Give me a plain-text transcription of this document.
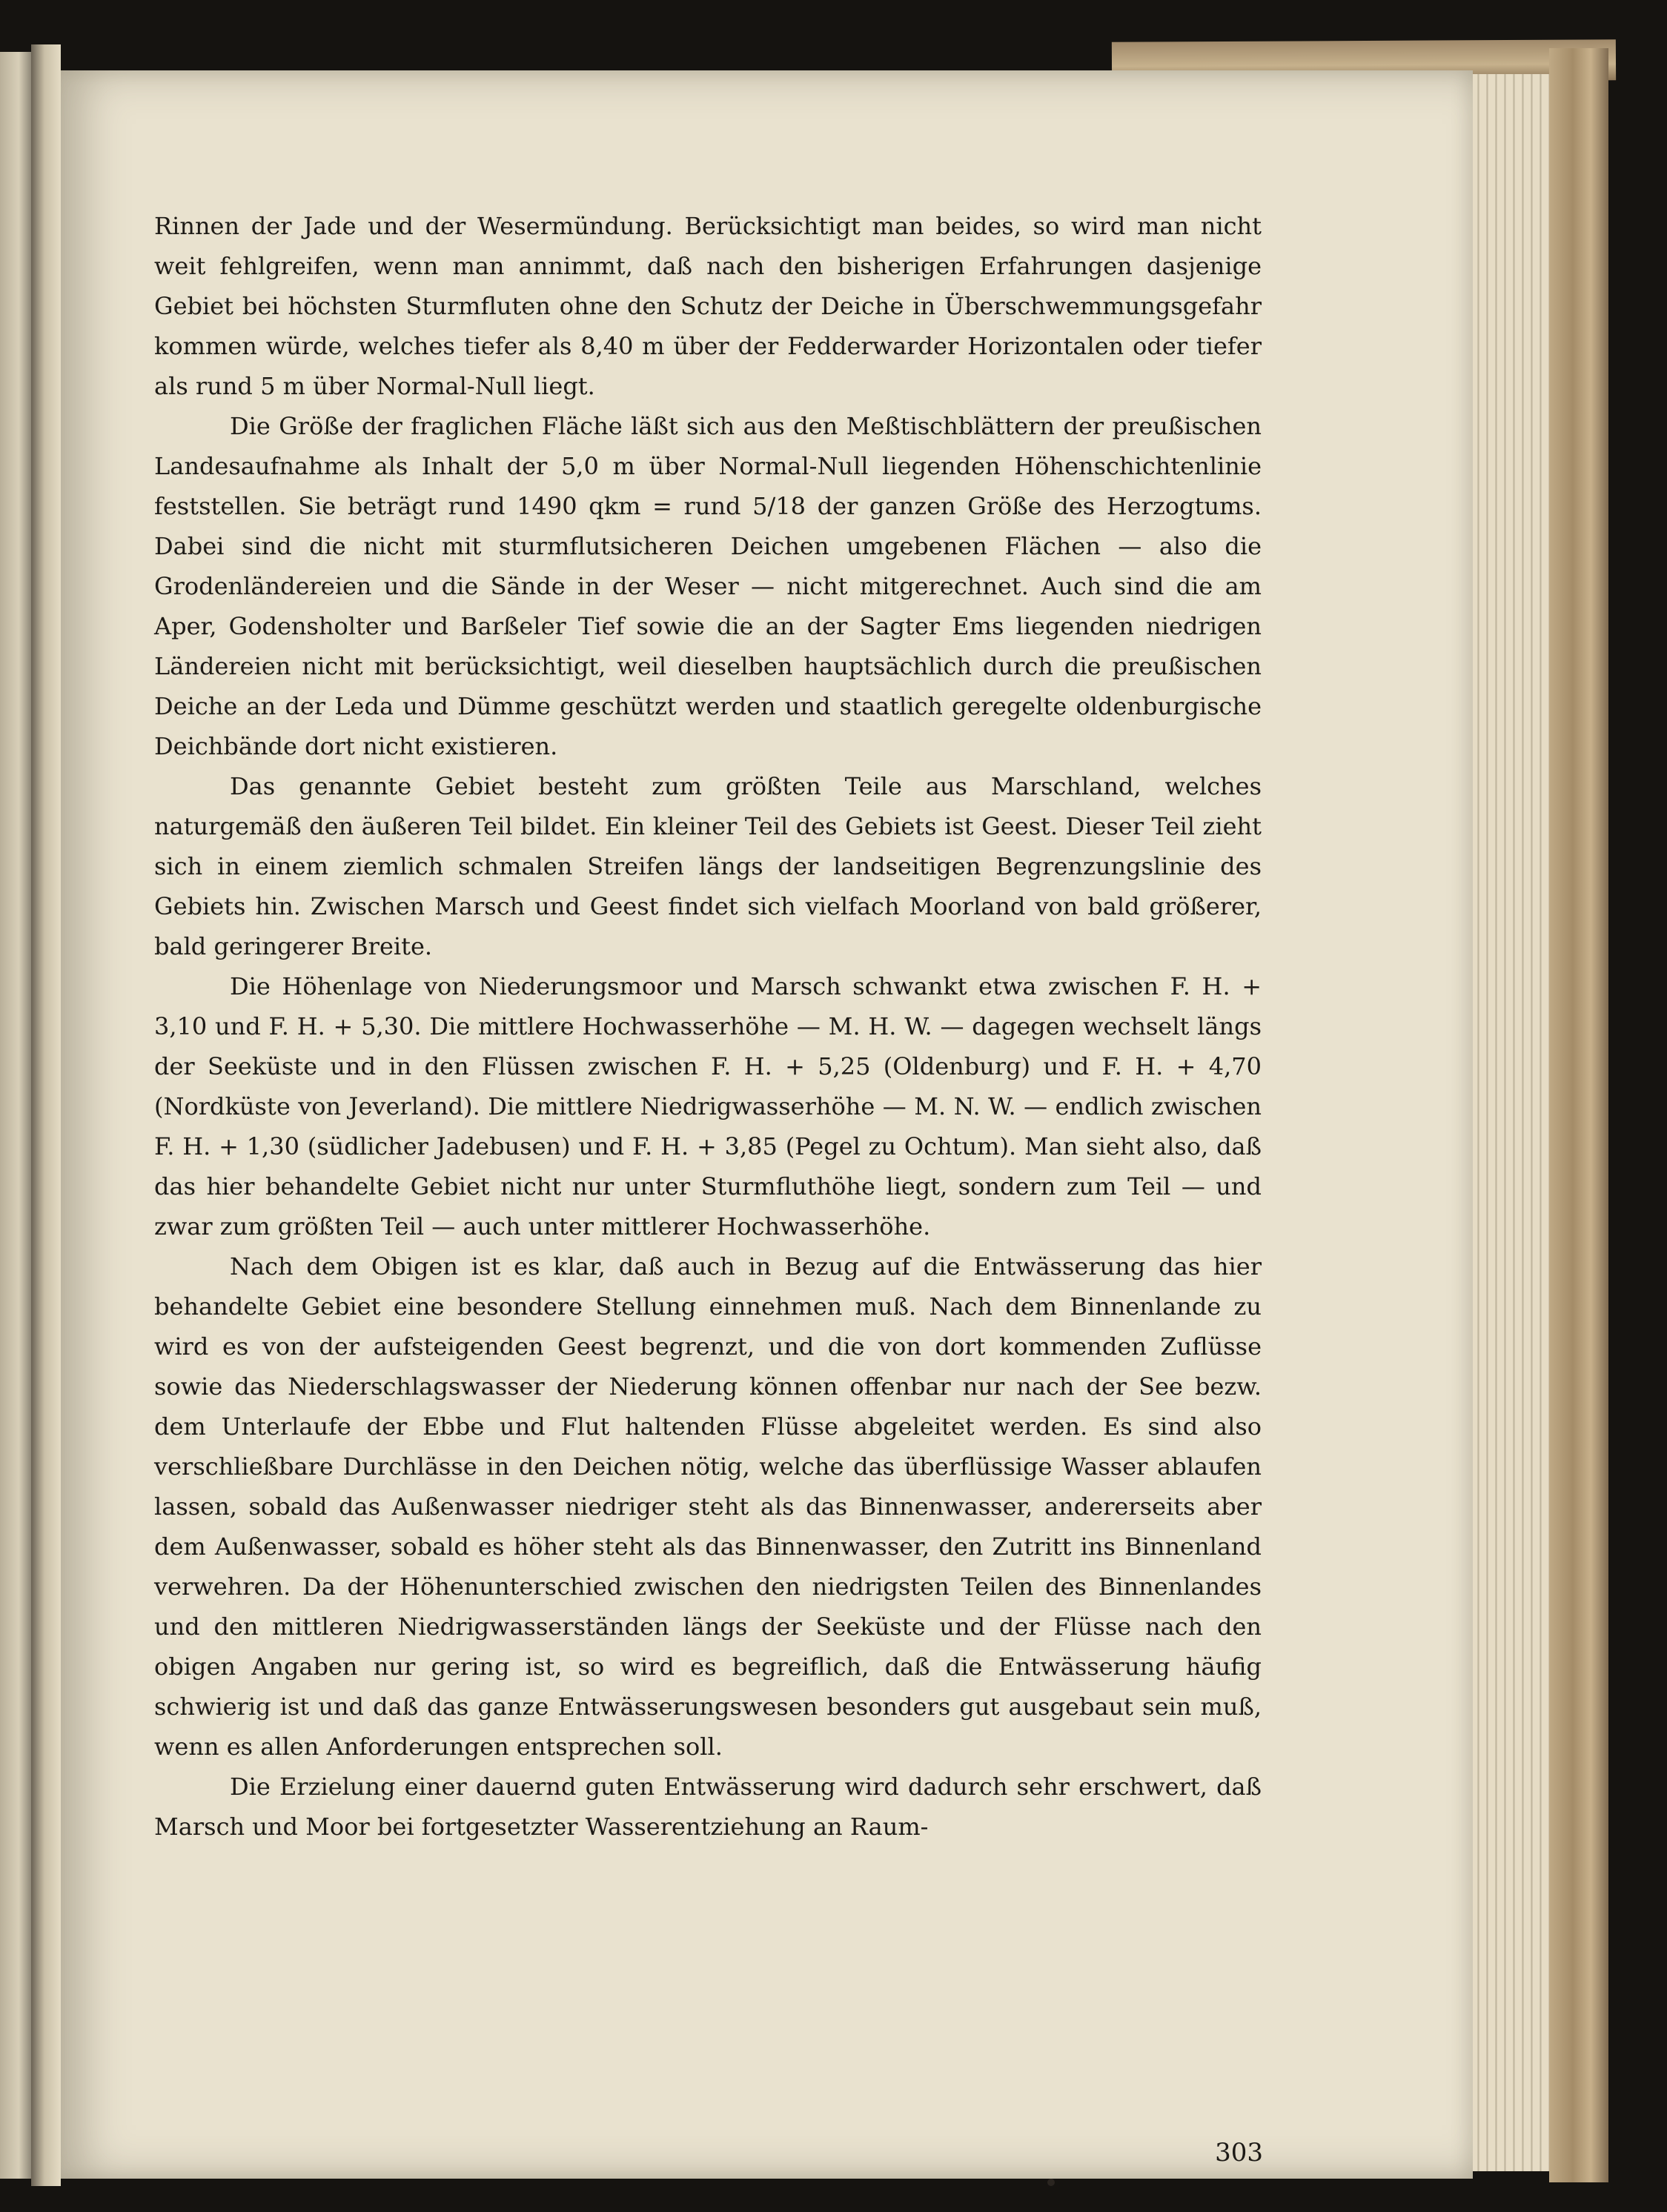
Rinnen der Jade und der Wesermündung. Berücksichtigt man beides, so wird man nicht weit fehlgreifen, wenn man annimmt, daß nach den bisherigen Erfahrungen dasjenige Gebiet bei höchsten Sturmfluten ohne den Schutz der Deiche in Überschwemmungsgefahr kommen würde, welches tiefer als 8,40 m über der Fedderwarder Horizontalen oder tiefer als rund 5 m über Normal-Null liegt.

Die Größe der fraglichen Fläche läßt sich aus den Meßtischblättern der preußischen Landesaufnahme als Inhalt der 5,0 m über Normal-Null liegenden Höhenschichtenlinie feststellen. Sie beträgt rund 1490 qkm = rund 5/18 der ganzen Größe des Herzogtums. Dabei sind die nicht mit sturmflutsicheren Deichen umgebenen Flächen — also die Grodenländereien und die Sände in der Weser — nicht mitgerechnet. Auch sind die am Aper, Godensholter und Barßeler Tief sowie die an der Sagter Ems liegenden niedrigen Ländereien nicht mit berücksichtigt, weil dieselben hauptsächlich durch die preußischen Deiche an der Leda und Dümme geschützt werden und staatlich geregelte oldenburgische Deichbände dort nicht existieren.

Das genannte Gebiet besteht zum größten Teile aus Marschland, welches naturgemäß den äußeren Teil bildet. Ein kleiner Teil des Gebiets ist Geest. Dieser Teil zieht sich in einem ziemlich schmalen Streifen längs der landseitigen Begrenzungslinie des Gebiets hin. Zwischen Marsch und Geest findet sich vielfach Moorland von bald größerer, bald geringerer Breite.

Die Höhenlage von Niederungsmoor und Marsch schwankt etwa zwischen F. H. + 3,10 und F. H. + 5,30. Die mittlere Hochwasserhöhe — M. H. W. — dagegen wechselt längs der Seeküste und in den Flüssen zwischen F. H. + 5,25 (Oldenburg) und F. H. + 4,70 (Nordküste von Jeverland). Die mittlere Niedrigwasserhöhe — M. N. W. — endlich zwischen F. H. + 1,30 (südlicher Jadebusen) und F. H. + 3,85 (Pegel zu Ochtum). Man sieht also, daß das hier behandelte Gebiet nicht nur unter Sturmfluthöhe liegt, sondern zum Teil — und zwar zum größten Teil — auch unter mittlerer Hochwasserhöhe.

Nach dem Obigen ist es klar, daß auch in Bezug auf die Entwässerung das hier behandelte Gebiet eine besondere Stellung einnehmen muß. Nach dem Binnenlande zu wird es von der aufsteigenden Geest begrenzt, und die von dort kommenden Zuflüsse sowie das Niederschlagswasser der Niederung können offenbar nur nach der See bezw. dem Unterlaufe der Ebbe und Flut haltenden Flüsse abgeleitet werden. Es sind also verschließbare Durchlässe in den Deichen nötig, welche das überflüssige Wasser ablaufen lassen, sobald das Außenwasser niedriger steht als das Binnenwasser, andererseits aber dem Außenwasser, sobald es höher steht als das Binnenwasser, den Zutritt ins Binnenland verwehren. Da der Höhenunterschied zwischen den niedrigsten Teilen des Binnenlandes und den mittleren Niedrigwasserständen längs der Seeküste und der Flüsse nach den obigen Angaben nur gering ist, so wird es begreiflich, daß die Entwässerung häufig schwierig ist und daß das ganze Entwässerungswesen besonders gut ausgebaut sein muß, wenn es allen Anforderungen entsprechen soll.

Die Erzielung einer dauernd guten Entwässerung wird dadurch sehr erschwert, daß Marsch und Moor bei fortgesetzter Wasserentziehung an Raum-

303
